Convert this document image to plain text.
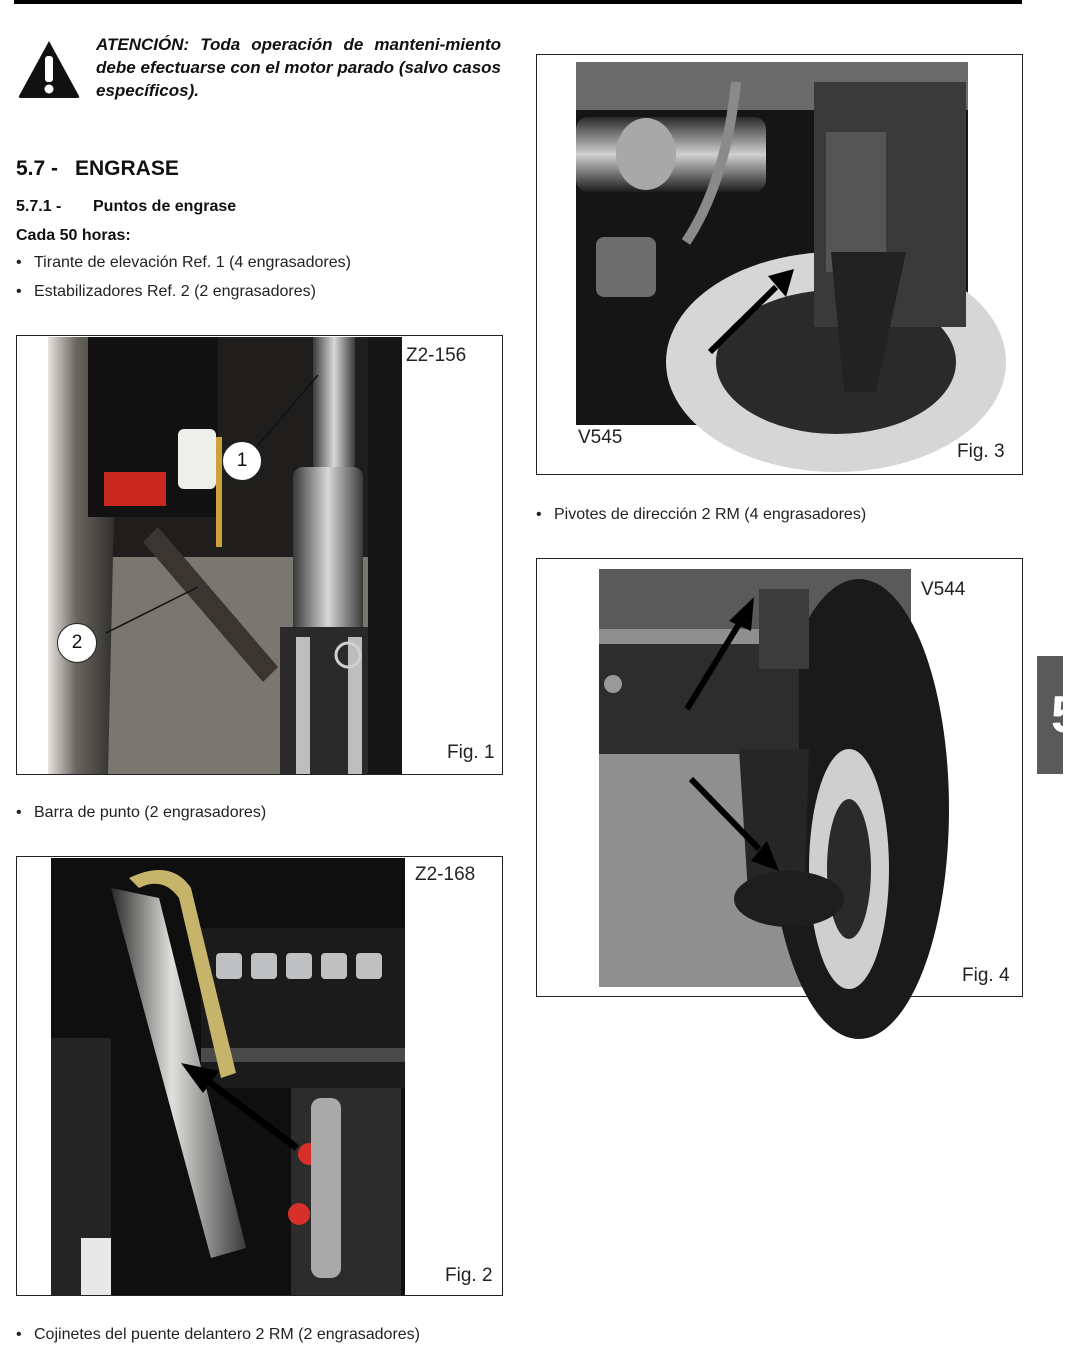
ATENCIÓN: Toda operación de manteni-miento debe efectuarse con el motor parado (salvo casos específicos).
5.7 - ENGRASE
5.7.1 - Puntos de engrase
Cada 50 horas:
• Tirante de elevación Ref. 1 (4 engrasadores)
• Estabilizadores Ref. 2 (2 engrasadores)
1
2
Z2-156
Fig. 1
• Barra de punto (2 engrasadores)
Z2-168
Fig. 2
• Cojinetes del puente delantero 2 RM (2 engrasadores)
V545
Fig. 3
• Pivotes de dirección 2 RM (4 engrasadores)
V544
Fig. 4
5
